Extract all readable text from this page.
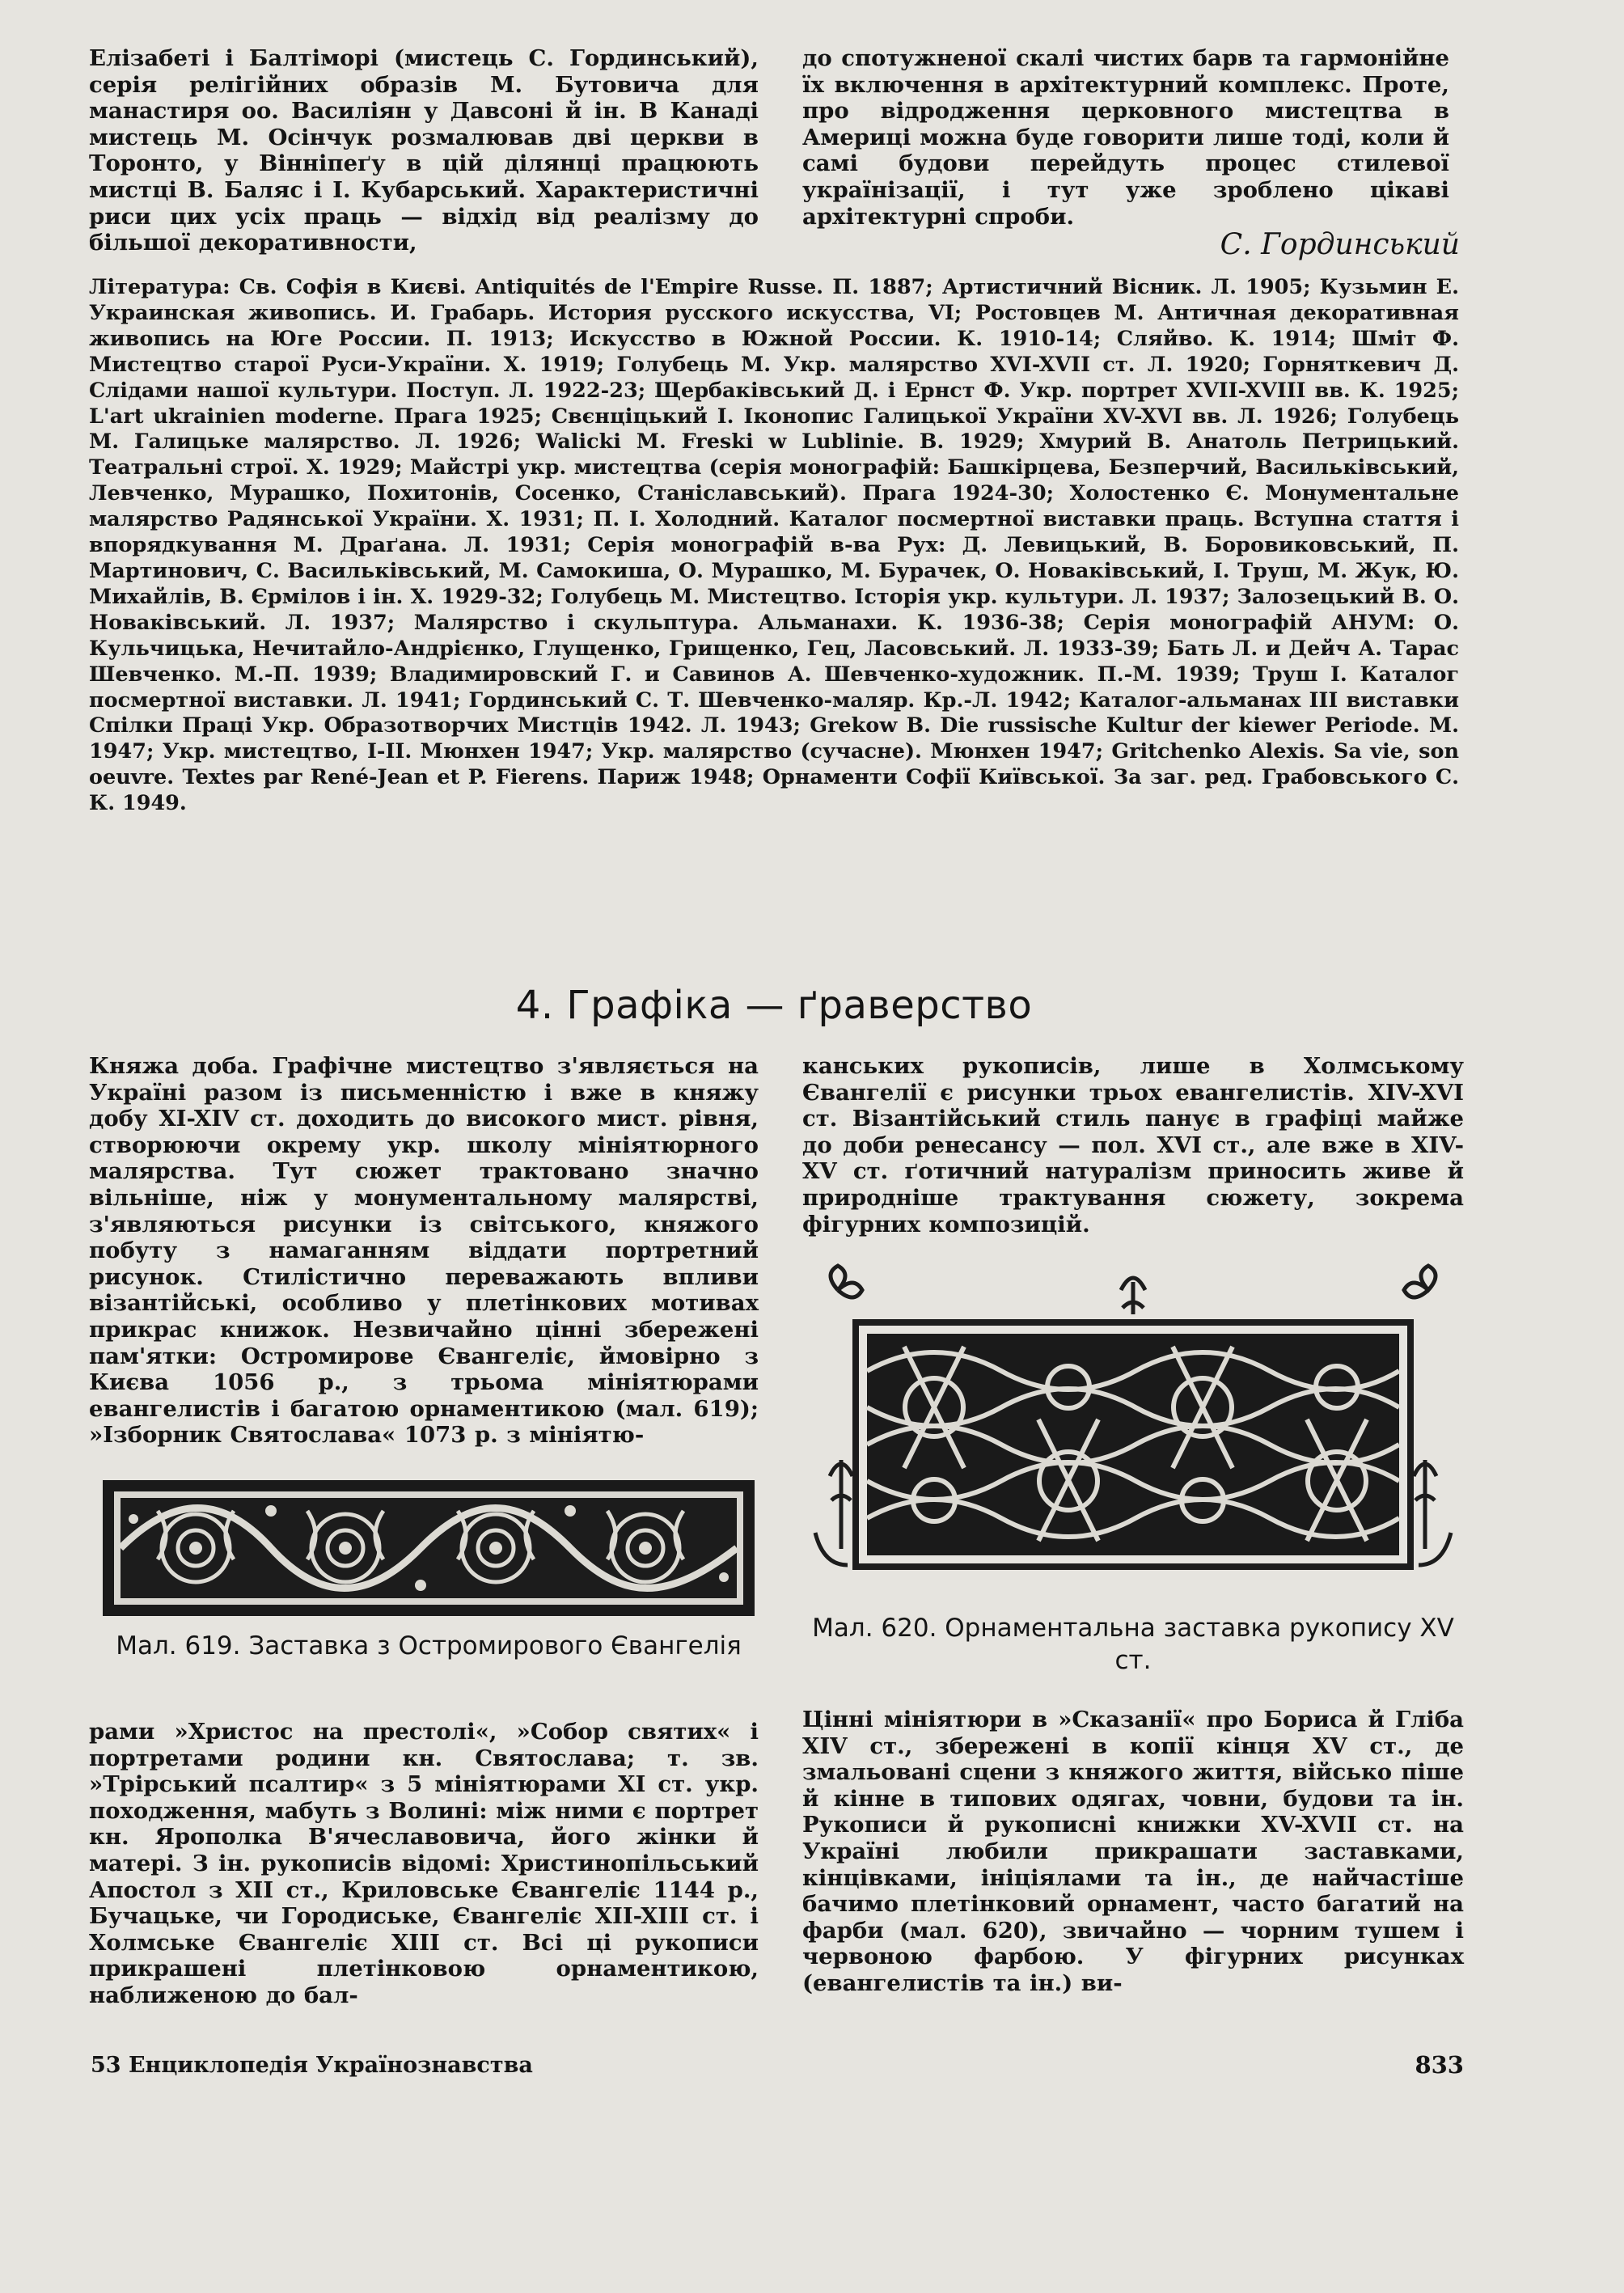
Елізабеті і Балтіморі (мистець С. Гординський), серія релігійних образів М. Бутовича для манастиря оо. Василіян у Давсоні й ін. В Канаді мистець М. Осінчук розмалював дві церкви в Торонто, у Вінніпеґу в цій ділянці працюють мистці В. Баляс і І. Кубарський. Характеристичні риси цих усіх праць — відхід від реалізму до більшої декоративности,

до спотужненої скалі чистих барв та гармонійне їх включення в архітектурний комплекс. Проте, про відродження церковного мистецтва в Америці можна буде говорити лише тоді, коли й самі будови перейдуть процес стилевої українізації, і тут уже зроблено цікаві архітектурні спроби.

С. Гординський

Література: Св. Софія в Києві. Antiquités de l'Empire Russe. П. 1887; Артистичний Вісник. Л. 1905; Кузьмин Е. Украинская живопись. И. Грабарь. История русского искусства, VI; Ростовцев М. Античная декоративная живопись на Юге России. П. 1913; Искусство в Южной России. К. 1910-14; Сляйво. К. 1914; Шміт Ф. Мистецтво старої Руси-України. Х. 1919; Голубець М. Укр. малярство XVI-XVII ст. Л. 1920; Горняткевич Д. Слідами нашої культури. Поступ. Л. 1922-23; Щербаківський Д. і Ернст Ф. Укр. портрет XVII-XVIII вв. К. 1925; L'art ukrainien moderne. Прага 1925; Свєнціцький І. Іконопис Галицької України XV-XVI вв. Л. 1926; Голубець М. Галицьке малярство. Л. 1926; Walicki M. Freski w Lublinie. В. 1929; Хмурий В. Анатоль Петрицький. Театральні строї. Х. 1929; Майстрі укр. мистецтва (серія монографій: Башкірцева, Безперчий, Васильківський, Левченко, Мурашко, Похитонів, Сосенко, Станіславський). Прага 1924-30; Холостенко Є. Монументальне малярство Радянської України. Х. 1931; П. І. Холодний. Каталог посмертної виставки праць. Вступна стаття і впорядкування М. Драґана. Л. 1931; Серія монографій в-ва Рух: Д. Левицький, В. Боровиковський, П. Мартинович, С. Васильківський, М. Самокиша, О. Мурашко, М. Бурачек, О. Новаківський, І. Труш, М. Жук, Ю. Михайлів, В. Єрмілов і ін. Х. 1929-32; Голубець М. Мистецтво. Історія укр. культури. Л. 1937; Залозецький В. О. Новаківський. Л. 1937; Малярство і скульптура. Альманахи. К. 1936-38; Серія монографій АНУМ: О. Кульчицька, Нечитайло-Андрієнко, Глущенко, Грищенко, Гец, Ласовський. Л. 1933-39; Бать Л. и Дейч А. Тарас Шевченко. М.-П. 1939; Владимировский Г. и Савинов А. Шевченко-художник. П.-М. 1939; Труш І. Каталог посмертної виставки. Л. 1941; Гординський С. Т. Шевченко-маляр. Кр.-Л. 1942; Каталог-альманах III виставки Спілки Праці Укр. Образотворчих Мистців 1942. Л. 1943; Grekow B. Die russische Kultur der kiewer Periode. М. 1947; Укр. мистецтво, I-II. Мюнхен 1947; Укр. малярство (сучасне). Мюнхен 1947; Gritchenko Alexis. Sa vie, son oeuvre. Textes par René-Jean et P. Fierens. Париж 1948; Орнаменти Софії Київської. За заг. ред. Грабовського С. К. 1949.

4. Графіка — ґраверство

Княжа доба. Графічне мистецтво з'являється на Україні разом із письменністю і вже в княжу добу XI-XIV ст. доходить до високого мист. рівня, створюючи окрему укр. школу мініятюрного малярства. Тут сюжет трактовано значно вільніше, ніж у монументальному малярстві, з'являються рисунки із світського, княжого побуту з намаганням віддати портретний рисунок. Стилістично переважають впливи візантійські, особливо у плетінкових мотивах прикрас книжок. Незвичайно цінні збережені пам'ятки: Остромирове Євангеліє, ймовірно з Києва 1056 р., з трьома мініятюрами евангелистів і багатою орнаментикою (мал. 619); »Ізборник Святослава« 1073 р. з мініятю-

канських рукописів, лише в Холмському Євангелії є рисунки трьох евангелистів. XIV-XVI ст. Візантійський стиль панує в графіці майже до доби ренесансу — пол. XVI ст., але вже в XIV-XV ст. ґотичний натуралізм приносить живе й природніше трактування сюжету, зокрема фігурних композицій.

Мал. 619. Заставка з Остромирового Євангелія
Мал. 620. Орнаментальна заставка рукопису XV ст.

рами »Христос на престолі«, »Собор святих« і портретами родини кн. Святослава; т. зв. »Трірський псалтир« з 5 мініятюрами XI ст. укр. походження, мабуть з Волині: між ними є портрет кн. Ярополка В'ячеславовича, його жінки й матері. З ін. рукописів відомі: Христинопільський Апостол з XII ст., Криловське Євангеліє 1144 р., Бучацьке, чи Городиське, Євангеліє XII-XIII ст. і Холмське Євангеліє XIII ст. Всі ці рукописи прикрашені плетінковою орнаментикою, наближеною до бал-

Цінні мініятюри в »Сказанії« про Бориса й Гліба XIV ст., збережені в копії кінця XV ст., де змальовані сцени з княжого життя, військо піше й кінне в типових одягах, човни, будови та ін. Рукописи й рукописні книжки XV-XVII ст. на Україні любили прикрашати заставками, кінцівками, ініціялами та ін., де найчастіше бачимо плетінковий орнамент, часто багатий на фарби (мал. 620), звичайно — чорним тушем і червоною фарбою. У фігурних рисунках (евангелистів та ін.) ви-

53 Енциклопедія Українознавства	833
